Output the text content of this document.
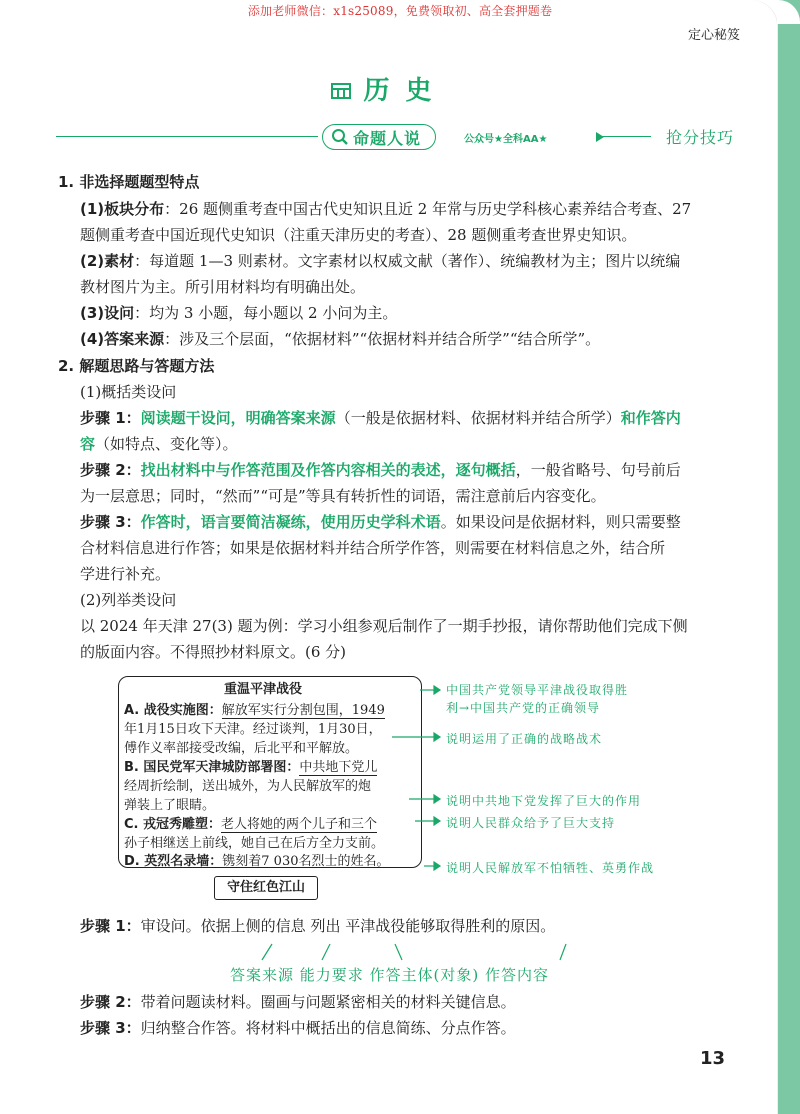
添加老师微信：x1s25089，免费领取初、高全套押题卷
定心秘笈
历史
命题人说	公众号★全科AA★	抢分技巧
1. 非选择题题型特点
(1)板块分布：26 题侧重考查中国古代史知识且近 2 年常与历史学科核心素养结合考查、27
题侧重考查中国近现代史知识（注重天津历史的考查）、28 题侧重考查世界史知识。
(2)素材：每道题 1—3 则素材。文字素材以权威文献（著作）、统编教材为主；图片以统编
教材图片为主。所引用材料均有明确出处。
(3)设问：均为 3 小题，每小题以 2 小问为主。
(4)答案来源：涉及三个层面，“依据材料”“依据材料并结合所学”“结合所学”。
2. 解题思路与答题方法
(1)概括类设问
步骤 1：阅读题干设问，明确答案来源（一般是依据材料、依据材料并结合所学）和作答内
容（如特点、变化等）。
步骤 2：找出材料中与作答范围及作答内容相关的表述，逐句概括，一般省略号、句号前后
为一层意思；同时，“然而”“可是”等具有转折性的词语，需注意前后内容变化。
步骤 3：作答时，语言要简洁凝练，使用历史学科术语。如果设问是依据材料，则只需要整
合材料信息进行作答；如果是依据材料并结合所学作答，则需要在材料信息之外，结合所
学进行补充。
(2)列举类设问
以 2024 年天津 27(3) 题为例：学习小组参观后制作了一期手抄报，请你帮助他们完成下侧
的版面内容。不得照抄材料原文。(6 分)
重温平津战役
A. 战役实施图：解放军实行分割包围，1949
年1月15日攻下天津。经过谈判，1月30日，
傅作义率部接受改编，后北平和平解放。
B. 国民党军天津城防部署图：中共地下党儿
经周折绘制，送出城外，为人民解放军的炮
弹装上了眼睛。
C. 戎冠秀雕塑：老人将她的两个儿子和三个
孙子相继送上前线，她自己在后方全力支前。
D. 英烈名录墙：镌刻着7 030名烈士的姓名。
守住红色江山
中国共产党领导平津战役取得胜
利→中国共产党的正确领导
说明运用了正确的战略战术
说明中共地下党发挥了巨大的作用
说明人民群众给予了巨大支持
说明人民解放军不怕牺牲、英勇作战
步骤 1：审设问。依据上侧的信息 列出 平津战役能够取得胜利的原因。
答案来源 能力要求 作答主体(对象) 作答内容
步骤 2：带着问题读材料。圈画与问题紧密相关的材料关键信息。
步骤 3：归纳整合作答。将材料中概括出的信息简练、分点作答。
13
